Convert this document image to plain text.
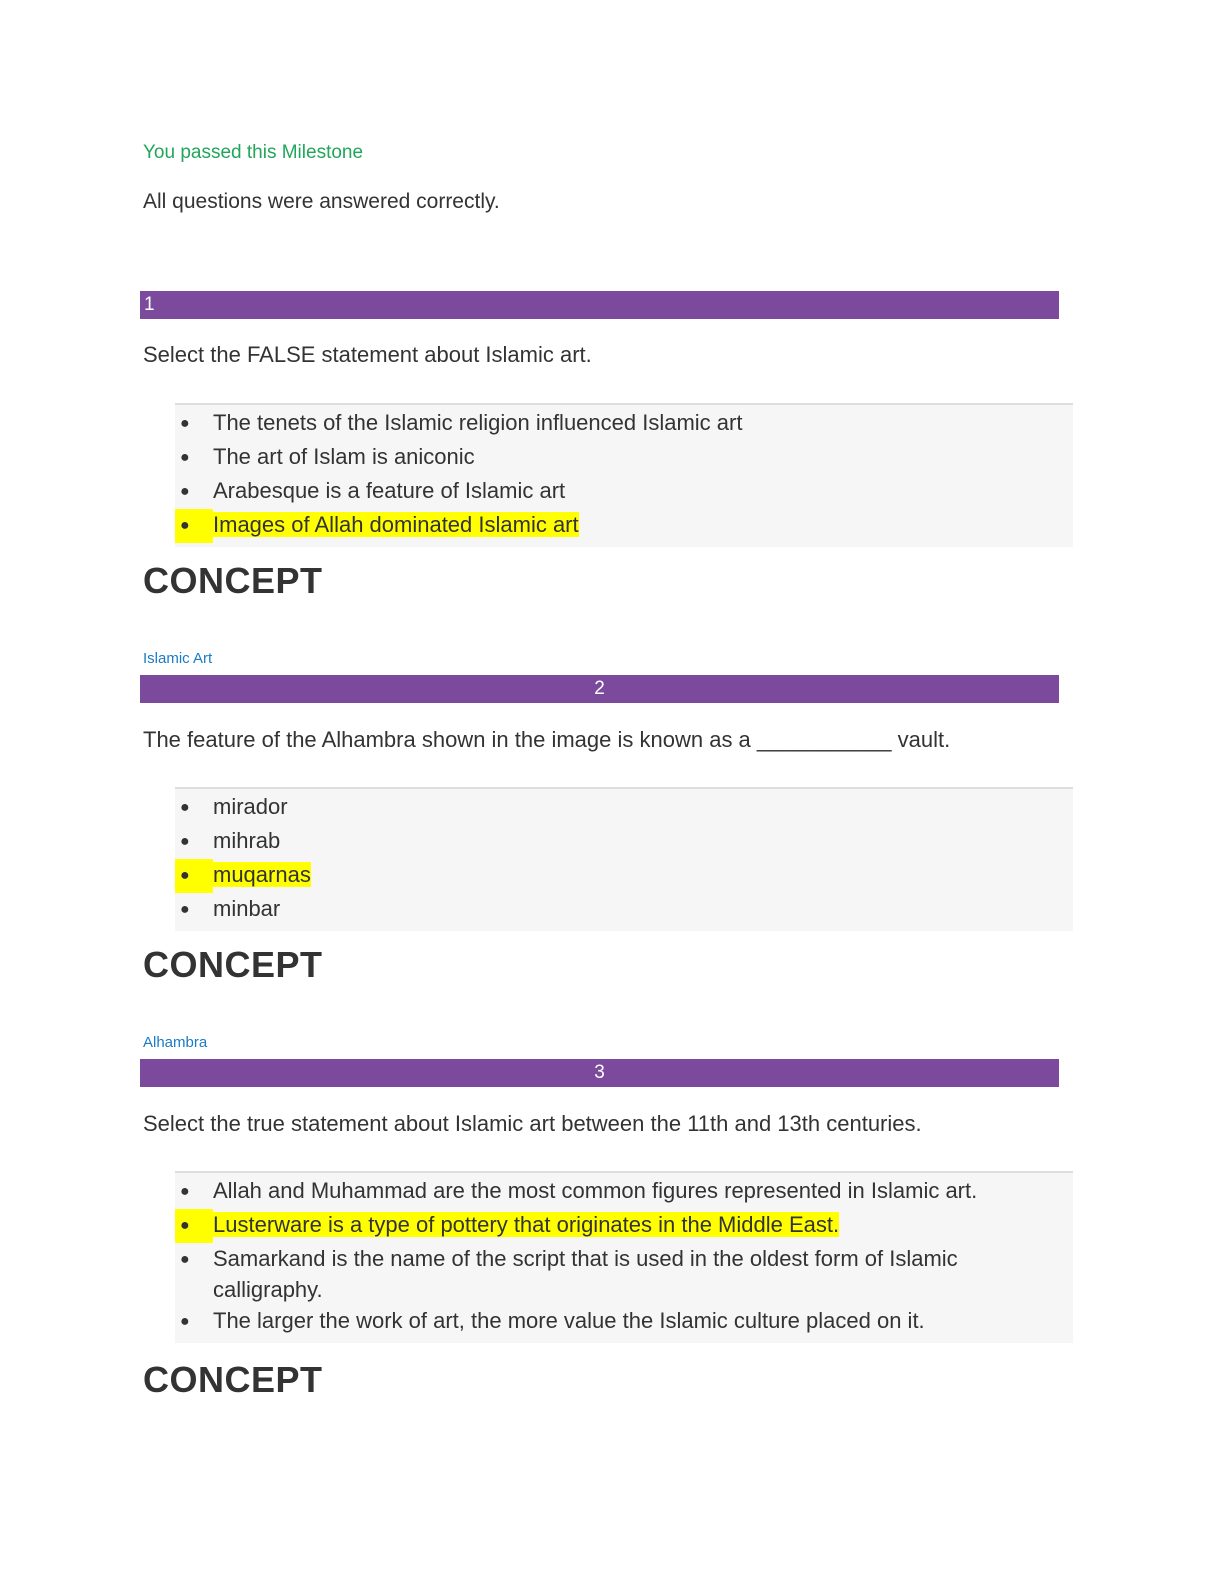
You passed this Milestone
All questions were answered correctly.
1
Select the FALSE statement about Islamic art.
●
The tenets of the Islamic religion influenced Islamic art
●
The art of Islam is aniconic
●
Arabesque is a feature of Islamic art
●
Images of Allah dominated Islamic art
CONCEPT
Islamic Art
2
The feature of the Alhambra shown in the image is known as a ___________ vault.
●
mirador
●
mihrab
●
muqarnas
●
minbar
CONCEPT
Alhambra
3
Select the true statement about Islamic art between the 11th and 13th centuries.
●
Allah and Muhammad are the most common figures represented in Islamic art.
●
Lusterware is a type of pottery that originates in the Middle East.
●
Samarkand is the name of the script that is used in the oldest form of Islamic calligraphy.
●
The larger the work of art, the more value the Islamic culture placed on it.
CONCEPT
